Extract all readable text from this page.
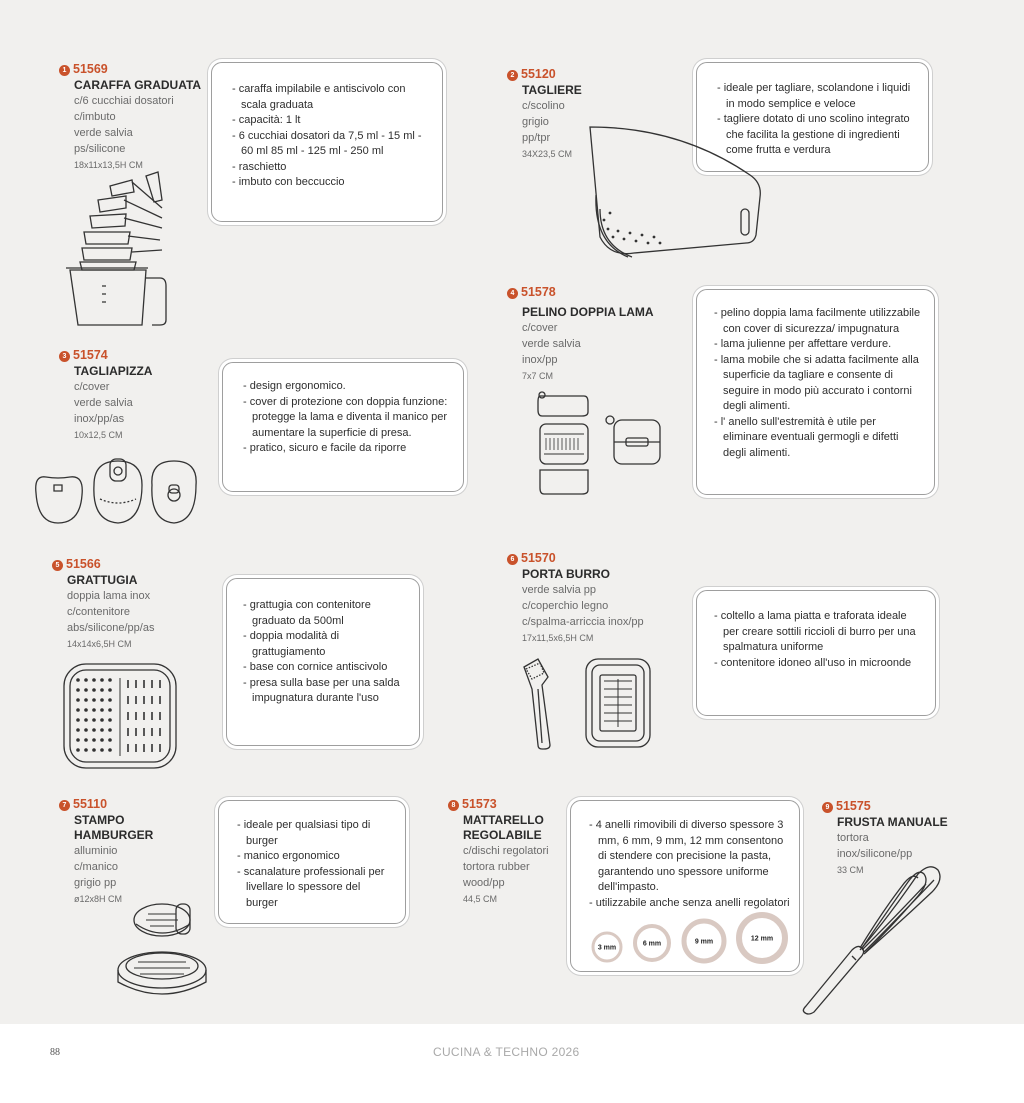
1 51569
CARAFFA GRADUATA
c/6 cucchiai dosatori
c/imbuto
verde salvia
ps/silicone
18x11x13,5H CM
- caraffa impilabile e antiscivolo con scala graduata
- capacità: 1 lt
- 6 cucchiai dosatori da 7,5 ml - 15 ml - 60 ml 85 ml - 125 ml - 250 ml
- raschietto
- imbuto con beccuccio
2 55120
TAGLIERE
c/scolino
grigio
pp/tpr
34X23,5 CM
- ideale per tagliare, scolandone i liquidi in modo semplice e veloce
- tagliere dotato di uno scolino integrato che facilita la gestione di ingredienti come frutta e verdura
3 51574
TAGLIAPIZZA
c/cover
verde salvia
inox/pp/as
10x12,5 CM
- design ergonomico.
- cover di protezione con doppia funzione: protegge la lama e diventa il manico per aumentare la superficie di presa.
- pratico, sicuro e facile da riporre
4 51578
PELINO DOPPIA LAMA
c/cover
verde salvia
inox/pp
7x7 CM
- pelino doppia lama facilmente utilizzabile con cover di sicurezza/ impugnatura
- lama julienne per affettare verdure.
- lama mobile che si adatta facilmente alla superficie da tagliare e consente di seguire in modo più accurato i contorni degli alimenti.
- l' anello sull'estremità è utile per eliminare eventuali germogli e difetti degli alimenti.
5 51566
GRATTUGIA
doppia lama inox
c/contenitore
abs/silicone/pp/as
14x14x6,5H CM
- grattugia con contenitore graduato da 500ml
- doppia modalità di grattugiamento
- base con cornice antiscivolo
- presa sulla base per una salda impugnatura durante l'uso
6 51570
PORTA BURRO
verde salvia pp
c/coperchio legno
c/spalma-arriccia inox/pp
17x11,5x6,5H CM
- coltello a lama piatta e traforata ideale per creare sottili riccioli di burro per una spalmatura uniforme
- contenitore idoneo all'uso in microonde
7 55110
STAMPO HAMBURGER
alluminio
c/manico
grigio pp
ø12x8H CM
- ideale per qualsiasi tipo di burger
- manico ergonomico
- scanalature professionali per livellare lo spessore del burger
8 51573
MATTARELLO REGOLABILE
c/dischi regolatori
tortora rubber
wood/pp
44,5 CM
- 4 anelli rimovibili di diverso spessore 3 mm, 6 mm, 9 mm, 12 mm consentono di stendere con precisione la pasta, garantendo uno spessore uniforme dell'impasto.
- utilizzabile anche senza anelli regolatori
3 mm
6 mm	9 mm	12 mm
9 51575
FRUSTA MANUALE
tortora
inox/silicone/pp
33 CM
88	CUCINA & TECHNO 2026
